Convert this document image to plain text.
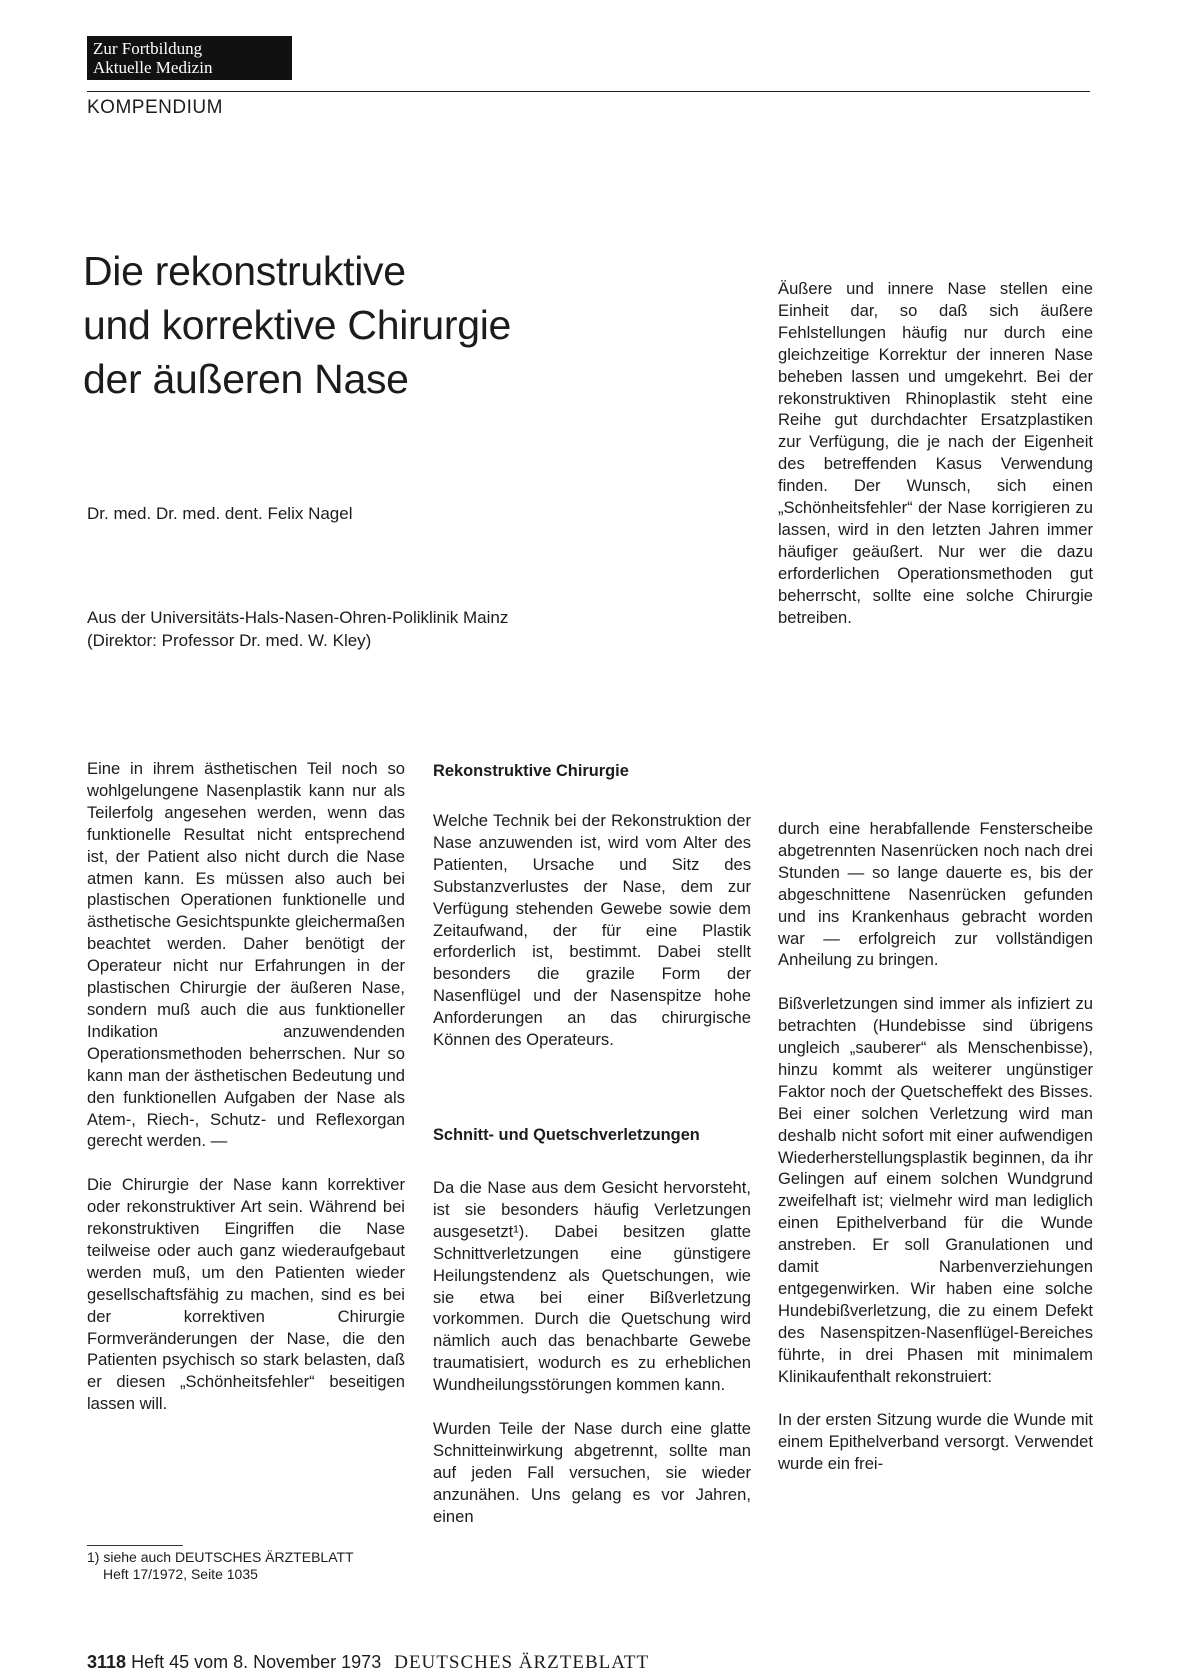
Zur Fortbildung
Aktuelle Medizin
KOMPENDIUM
Die rekonstruktive
und korrektive Chirurgie
der äußeren Nase
Dr. med. Dr. med. dent. Felix Nagel
Aus der Universitäts-Hals-Nasen-Ohren-Poliklinik Mainz
(Direktor: Professor Dr. med. W. Kley)

Eine in ihrem ästhetischen Teil noch so wohlgelungene Nasenplastik kann nur als Teilerfolg angesehen werden, wenn das funktionelle Resultat nicht entsprechend ist, der Patient also nicht durch die Nase atmen kann. Es müssen also auch bei plastischen Operationen funktionelle und ästhetische Gesichtspunkte gleichermaßen beachtet werden. Daher benötigt der Operateur nicht nur Erfahrungen in der plastischen Chirurgie der äußeren Nase, sondern muß auch die aus funktioneller Indikation anzuwendenden Operationsmethoden beherrschen. Nur so kann man der ästhetischen Bedeutung und den funktionellen Aufgaben der Nase als Atem-, Riech-, Schutz- und Reflexorgan gerecht werden. —

Die Chirurgie der Nase kann korrektiver oder rekonstruktiver Art sein. Während bei rekonstruktiven Eingriffen die Nase teilweise oder auch ganz wiederaufgebaut werden muß, um den Patienten wieder gesellschaftsfähig zu machen, sind es bei der korrektiven Chirurgie Formveränderungen der Nase, die den Patienten psychisch so stark belasten, daß er diesen „Schönheitsfehler“ beseitigen lassen will.

1) siehe auch DEUTSCHES ÄRZTEBLATT
Heft 17/1972, Seite 1035
Rekonstruktive Chirurgie

Welche Technik bei der Rekonstruktion der Nase anzuwenden ist, wird vom Alter des Patienten, Ursache und Sitz des Substanzverlustes der Nase, dem zur Verfügung stehenden Gewebe sowie dem Zeitaufwand, der für eine Plastik erforderlich ist, bestimmt. Dabei stellt besonders die grazile Form der Nasenflügel und der Nasenspitze hohe Anforderungen an das chirurgische Können des Operateurs.

Schnitt- und Quetschverletzungen

Da die Nase aus dem Gesicht hervorsteht, ist sie besonders häufig Verletzungen ausgesetzt¹). Dabei besitzen glatte Schnittverletzungen eine günstigere Heilungstendenz als Quetschungen, wie sie etwa bei einer Bißverletzung vorkommen. Durch die Quetschung wird nämlich auch das benachbarte Gewebe traumatisiert, wodurch es zu erheblichen Wundheilungsstörungen kommen kann.

Wurden Teile der Nase durch eine glatte Schnitteinwirkung abgetrennt, sollte man auf jeden Fall versuchen, sie wieder anzunähen. Uns gelang es vor Jahren, einen

Äußere und innere Nase stellen eine Einheit dar, so daß sich äußere Fehlstellungen häufig nur durch eine gleichzeitige Korrektur der inneren Nase beheben lassen und umgekehrt. Bei der rekonstruktiven Rhinoplastik steht eine Reihe gut durchdachter Ersatzplastiken zur Verfügung, die je nach der Eigenheit des betreffenden Kasus Verwendung finden. Der Wunsch, sich einen „Schönheitsfehler“ der Nase korrigieren zu lassen, wird in den letzten Jahren immer häufiger geäußert. Nur wer die dazu erforderlichen Operationsmethoden gut beherrscht, sollte eine solche Chirurgie betreiben.

durch eine herabfallende Fensterscheibe abgetrennten Nasenrücken noch nach drei Stunden — so lange dauerte es, bis der abgeschnittene Nasenrücken gefunden und ins Krankenhaus gebracht worden war — erfolgreich zur vollständigen Anheilung zu bringen.

Bißverletzungen sind immer als infiziert zu betrachten (Hundebisse sind übrigens ungleich „sauberer“ als Menschenbisse), hinzu kommt als weiterer ungünstiger Faktor noch der Quetscheffekt des Bisses. Bei einer solchen Verletzung wird man deshalb nicht sofort mit einer aufwendigen Wiederherstellungsplastik beginnen, da ihr Gelingen auf einem solchen Wundgrund zweifelhaft ist; vielmehr wird man lediglich einen Epithelverband für die Wunde anstreben. Er soll Granulationen und damit Narbenverziehungen entgegenwirken. Wir haben eine solche Hundebißverletzung, die zu einem Defekt des Nasenspitzen-Nasenflügel-Bereiches führte, in drei Phasen mit minimalem Klinikaufenthalt rekonstruiert:

In der ersten Sitzung wurde die Wunde mit einem Epithelverband versorgt. Verwendet wurde ein frei-

3118 Heft 45 vom 8. November 1973 DEUTSCHES ÄRZTEBLATT
